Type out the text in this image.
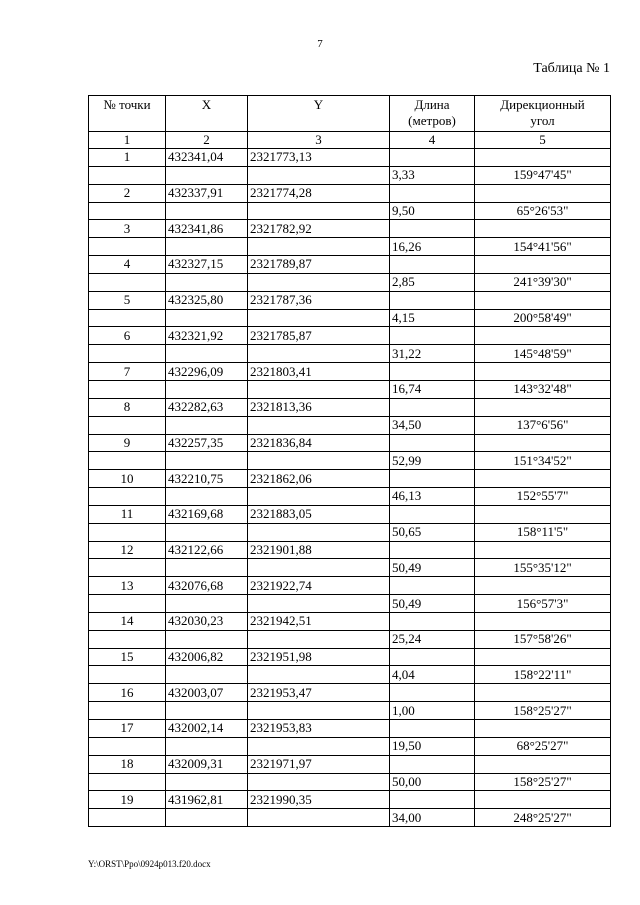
7
Таблица № 1
№ точки	X	Y	Длина
(метров)	Дирекционный
угол
1	2	3	4	5
1	432341,04	2321773,13		
			3,33	159°47'45"
2	432337,91	2321774,28		
			9,50	65°26'53"
3	432341,86	2321782,92		
			16,26	154°41'56"
4	432327,15	2321789,87		
			2,85	241°39'30"
5	432325,80	2321787,36		
			4,15	200°58'49"
6	432321,92	2321785,87		
			31,22	145°48'59"
7	432296,09	2321803,41		
			16,74	143°32'48"
8	432282,63	2321813,36		
			34,50	137°6'56"
9	432257,35	2321836,84		
			52,99	151°34'52"
10	432210,75	2321862,06		
			46,13	152°55'7"
11	432169,68	2321883,05		
			50,65	158°11'5"
12	432122,66	2321901,88		
			50,49	155°35'12"
13	432076,68	2321922,74		
			50,49	156°57'3"
14	432030,23	2321942,51		
			25,24	157°58'26"
15	432006,82	2321951,98		
			4,04	158°22'11"
16	432003,07	2321953,47		
			1,00	158°25'27"
17	432002,14	2321953,83		
			19,50	68°25'27"
18	432009,31	2321971,97		
			50,00	158°25'27"
19	431962,81	2321990,35		
			34,00	248°25'27"
Y:\ORST\Ppo\0924p013.f20.docx
